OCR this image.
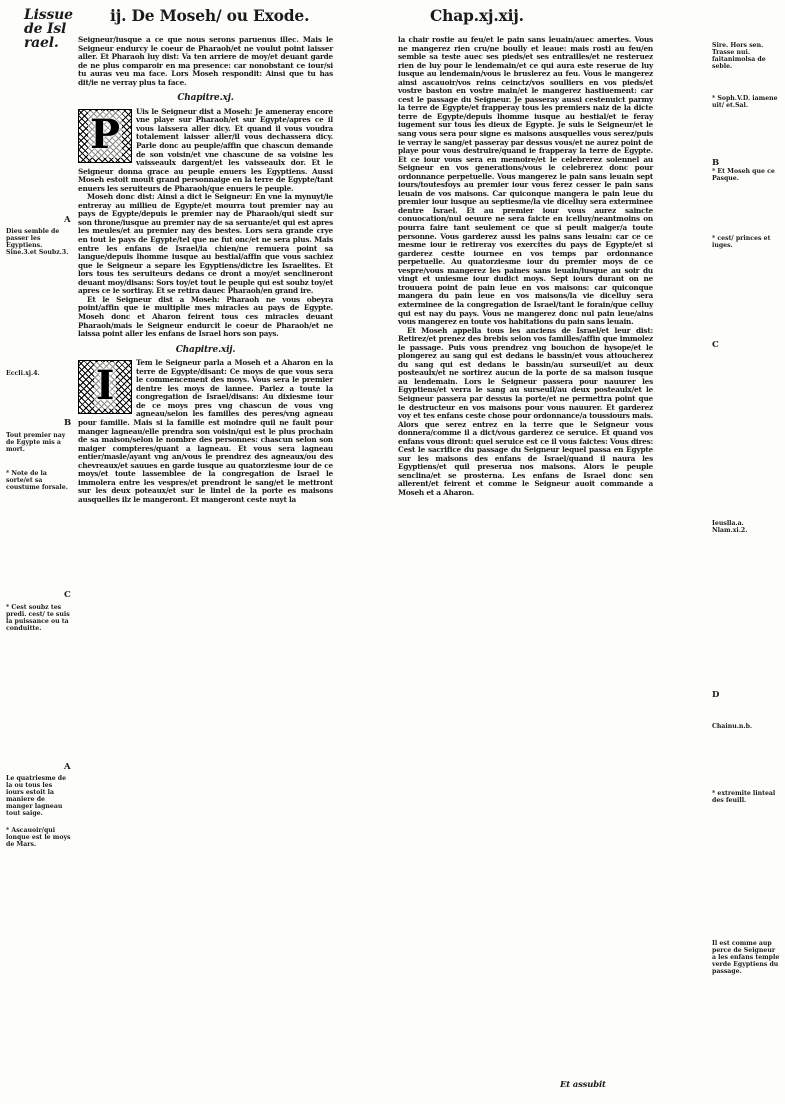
Lissue
de Isl
rael.
ij. De Moseh/ ou Exode.	Chap.xj.xij.

Seigneur/iusque a ce que nous serons paruenus illec. Mais le Seigneur endurcy le coeur de Pharaoh/et ne voulut point laisser aller. Et Pharaoh luy dist: Va ten arriere de moy/et deuant garde de ne plus comparoir en ma presence: car nonobstant ce iour/si tu auras veu ma face. Lors Moseh respondit: Ainsi que tu has dit/ie ne verray plus ta face.

Chapitre.xj.
P	Uis le Seigneur dist a Moseh: Je ameneray encore vne playe sur Pharaoh/et sur Egypte/apres ce il vous laissera aller dicy. Et quand il vous voudra totalement laisser aller/il vous dechassera dicy. Parle donc au peuple/affin que chascun demande de son voisin/et vne chascune de sa voisine les vaisseaulx dargent/et les vaisseaulx dor. Et le Seigneur donna grace au peuple enuers les Egyptiens. Aussi Moseh estoit moult grand personnaige en la terre de Egypte/tant enuers les seruiteurs de Pharaoh/que enuers le peuple.

Moseh donc dist: Ainsi a dict le Seigneur: En vne la mynuyt/ie entreray au millieu de Egypte/et mourra tout premier nay au pays de Egypte/depuis le premier nay de Pharaoh/qui siedt sur son throne/iusque au premier nay de sa seruante/et qui est apres les meules/et au premier nay des bestes. Lors sera grande crye en tout le pays de Egypte/tel que ne fut onc/et ne sera plus. Mais entre les enfans de Israel/ia chien/ne remuera point sa langue/depuis lhomme iusque au bestial/affin que vous sachiez que le Seigneur a separe les Egyptiens/dictre les Israelites. Et lors tous tes seruiteurs dedans ce dront a moy/et senclineront deuant moy/disans: Sors toy/et tout le peuple qui est soubz toy/et apres ce ie sortiray. Et se retira dauec Pharaoh/en grand ire.

Et le Seigneur dist a Moseh: Pharaoh ne vous obeyra point/affin que ie multiplie mes miracles au pays de Egypte. Moseh donc et Aharon feirent tous ces miracles deuant Pharaoh/mais le Seigneur endurcit le coeur de Pharaoh/et ne laissa point aller les enfans de Israel hors son pays.

Chapitre.xij.
I	Tem le Seigneur parla a Moseh et a Aharon en la terre de Egypte/disant: Ce moys de que vous sera le commencement des moys. Vous sera le premier dentre les moys de lannee. Parlez a toute la congregation de Israel/disans: Au dixiesme iour de ce moys pres vng chascun de vous vng agneau/selon les familles des peres/vng agneau pour famille. Mais si la famille est moindre quil ne fault pour manger lagneau/elle prendra son voisin/qui est le plus prochain de sa maison/selon le nombre des personnes: chascun selon son maiger compteres/quant a lagneau. Et vous sera lagneau entier/masle/ayant vng an/vous le prendrez des agneaux/ou des chevreaux/et sauues en garde iusque au quatorziesme iour de ce moys/et toute lassemblee de la congregation de Israel le immolera entre les vespres/et prendront le sang/et le mettront sur les deux poteaux/et sur le lintel de la porte es maisons ausquelles ilz le mangeront. Et mangeront ceste nuyt la

la chair rostie au feu/et le pain sans leuain/auec amertes. Vous ne mangerez rien cru/ne boully et leaue: mais rosti au feu/en semble sa teste auec ses pieds/et ses entrailles/et ne resteruez rien de luy pour le lendemain/et ce qui aura este reserue de luy iusque au lendemain/vous le bruslerez au feu. Vous le mangerez ainsi ascauoir/vos reins ceinctz/vos soulliers en vos pieds/et vostre baston en vostre main/et le mangerez hastiuement: car cest le passage du Seigneur. Je passeray aussi cestenuict parmy la terre de Egypte/et frapperay tous les premiers naiz de la dicte terre de Egypte/depuis lhomme iusque au bestial/et ie feray iugement sur tous les dieux de Egypte. Je suis le Seigneur/et le sang vous sera pour signe es maisons ausquelles vous serez/puis ie verray le sang/et passeray par dessus vous/et ne aurez point de playe pour vous destruire/quand ie frapperay la terre de Egypte. Et ce iour vous sera en memoire/et le celebrerez solennel au Seigneur en vos generations/vous le celebrerez donc pour ordonnance perpetuelle. Vous mangerez le pain sans leuain sept iours/toutesfoys au premier iour vous ferez cesser le pain sans leuain de vos maisons. Car quiconque mangera le pain leue du premier iour iusque au septiesme/la vie dicelluy sera exterminee dentre Israel. Et au premier iour vous aurez saincte conuocation/nul oeuure ne sera faicte en icelluy/neantmoins on pourra faire tant seulement ce que si peult maiger/a toute personne. Vous garderez aussi les pains sans leuain: car ce ce mesme iour ie retireray vos exercites du pays de Egypte/et si garderez cestte iournee en vos temps par ordonnance perpetuelle. Au quatorziesme iour du premier moys de ce vespre/vous mangerez les paines sans leuain/iusque au soir du vingt et uniesme iour dudict moys. Sept iours durant on ne trouuera point de pain leue en vos maisons: car quiconque mangera du pain leue en vos maisons/la vie dicelluy sera exterminee de la congregation de Israel/tant le forain/que celluy qui est nay du pays. Vous ne mangerez donc nul pain leue/ains vous mangerez en toute vos habitations du pain sans leuain.

Et Moseh appella tous les anciens de Israel/et leur dist: Retirez/et prenez des brebis selon vos familles/affin que immolez le passage. Puis vous prendrez vng bouchon de hysope/et le plongerez au sang qui est dedans le bassin/et vous attoucherez du sang qui est dedans le bassin/au surseuil/et au deux posteaulx/et ne sortirez aucun de la porte de sa maison iusque au lendemain. Lors le Seigneur passera pour nauurer les Egyptiens/et verra le sang au surseuil/au deux posteaulx/et le Seigneur passera par dessus la porte/et ne permettra point que le destructeur en vos maisons pour vous nauurer. Et garderez voy et tes enfans ceste chose pour ordonnance/a toussiours mais. Alors que serez entrez en la terre que le Seigneur vous donnera/comme il a dict/vous garderez ce seruice. Et quand vos enfans vous diront: quel seruice est ce il vous faictes: Vous dires: Cest le sacrifice du passage du Seigneur lequel passa en Egypte sur les maisons des enfans de Israel/quand il naura les Egyptiens/et quil preserua nos maisons. Alors le peuple senclina/et se prosterna. Les enfans de Israel donc sen allerent/et feirent et comme le Seigneur auoit commande a Moseh et a Aharon.

A
Dieu semble de passer les Egyptiens. Sine.3.et Soubz.3.
Eccli.xj.4.
B
Tout premier nay de Egypte mis a mort.
* Note de la sorte/et sa coustume forsale.
C
* Cest soubz tes predi. cest/ te suis la puissance ou ta conduitte.
A
Le quatriesme de la ou tous les iours estoit la maniere de manger lagneau tout saige.
* Ascauoir/qui lonque est le moys de Mars.
Sire. Hors sen. Trasse nui. faitanimolsa de seble.
* Soph.V.D. iamene uit/ et.Sal.
B
* Et Moseh que ce Pasque.
* cest/ princes et iuges.
C
Ieuslla.a. Nlam.xi.2.
D
Chainu.n.b.
* extremite linteal des feuill.
Il est comme aup perce de Seigneur a les enfans temple verde Egyptiens du passage.
Et assubit
